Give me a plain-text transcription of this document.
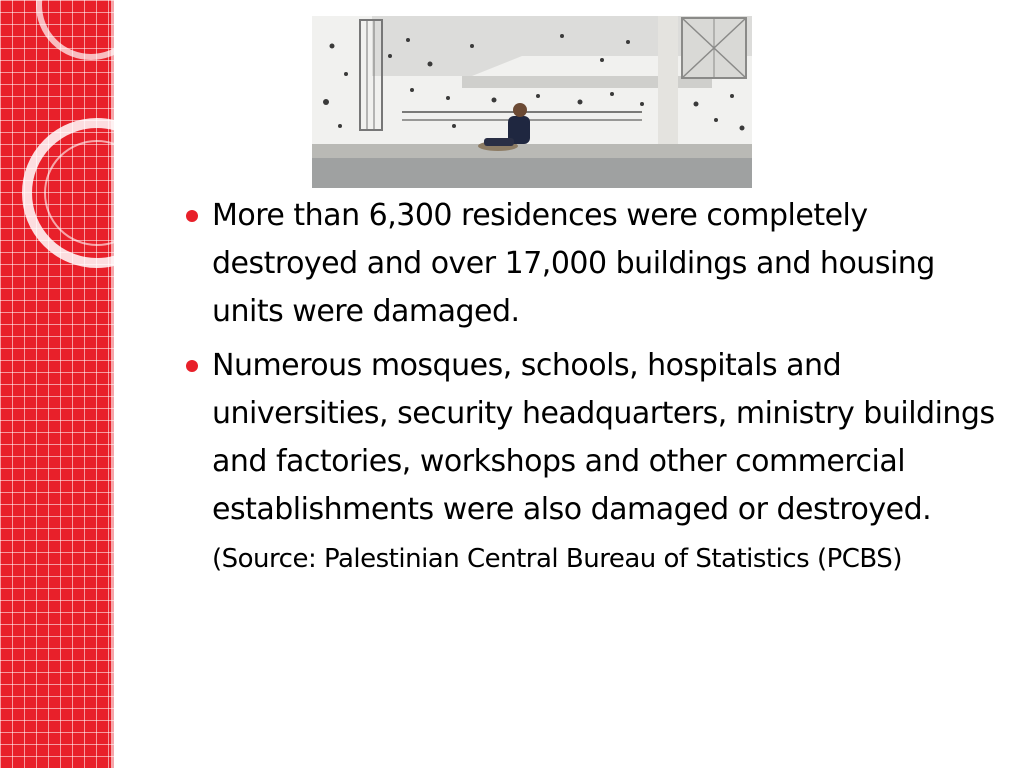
More than 6,300 residences were completely destroyed and over 17,000 buildings and housing units were damaged.
Numerous mosques, schools, hospitals and universities, security headquarters, ministry buildings and factories, workshops and other commercial establishments were also damaged or destroyed. (Source: Palestinian Central Bureau of Statistics (PCBS)
